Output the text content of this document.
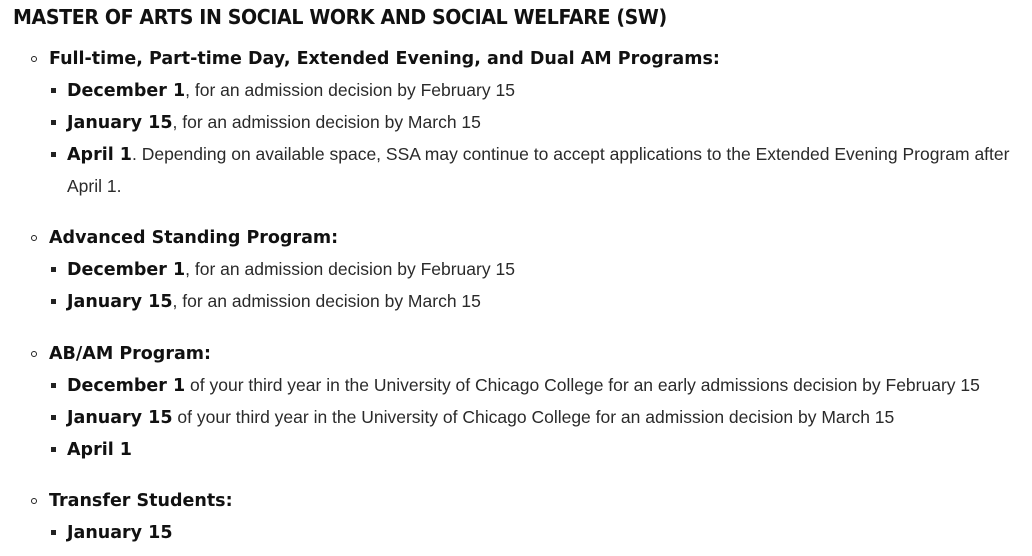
MASTER OF ARTS IN SOCIAL WORK AND SOCIAL WELFARE (SW)
Full-time, Part-time Day, Extended Evening, and Dual AM Programs:
December 1, for an admission decision by February 15
January 15, for an admission decision by March 15
April 1. Depending on available space, SSA may continue to accept applications to the Extended Evening Program after April 1.
Advanced Standing Program:
December 1, for an admission decision by February 15
January 15, for an admission decision by March 15
AB/AM Program:
December 1 of your third year in the University of Chicago College for an early admissions decision by February 15
January 15 of your third year in the University of Chicago College for an admission decision by March 15
April 1
Transfer Students:
January 15
